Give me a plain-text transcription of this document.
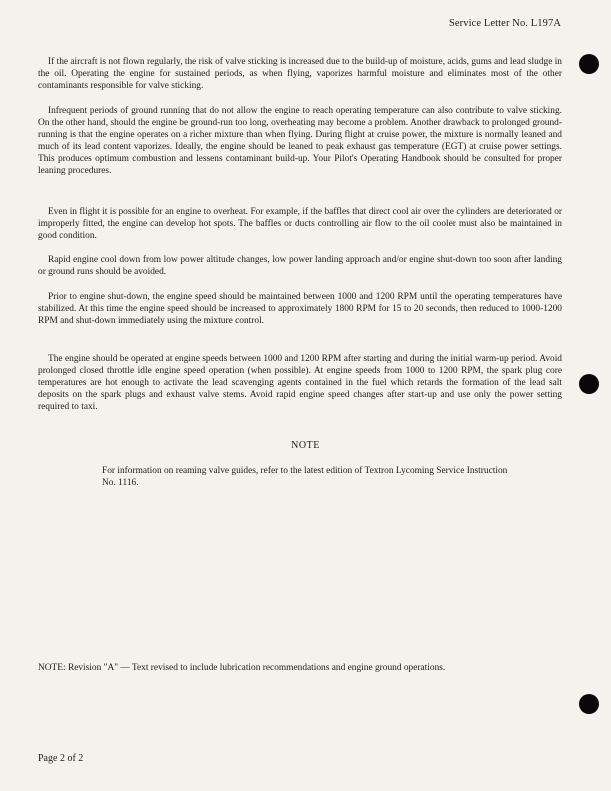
Service Letter No. L197A

If the aircraft is not flown regularly, the risk of valve sticking is increased due to the build-up of moisture, acids, gums and lead sludge in the oil. Operating the engine for sustained periods, as when flying, vaporizes harmful moisture and eliminates most of the other contaminants responsible for valve sticking.

Infrequent periods of ground running that do not allow the engine to reach operating temperature can also contribute to valve sticking. On the other hand, should the engine be ground-run too long, overheating may become a problem. Another drawback to prolonged ground-running is that the engine operates on a richer mixture than when flying. During flight at cruise power, the mixture is normally leaned and much of its lead content vaporizes. Ideally, the engine should be leaned to peak exhaust gas temperature (EGT) at cruise power settings. This produces optimum combustion and lessens contaminant build-up. Your Pilot's Operating Handbook should be consulted for proper leaning procedures.

Even in flight it is possible for an engine to overheat. For example, if the baffles that direct cool air over the cylinders are deteriorated or improperly fitted, the engine can develop hot spots. The baffles or ducts controlling air flow to the oil cooler must also be maintained in good condition.

Rapid engine cool down from low power altitude changes, low power landing approach and/or engine shut-down too soon after landing or ground runs should be avoided.

Prior to engine shut-down, the engine speed should be maintained between 1000 and 1200 RPM until the operating temperatures have stabilized. At this time the engine speed should be increased to approximately 1800 RPM for 15 to 20 seconds, then reduced to 1000-1200 RPM and shut-down immediately using the mixture control.

The engine should be operated at engine speeds between 1000 and 1200 RPM after starting and during the initial warm-up period. Avoid prolonged closed throttle idle engine speed operation (when possible). At engine speeds from 1000 to 1200 RPM, the spark plug core temperatures are hot enough to activate the lead scavenging agents contained in the fuel which retards the formation of the lead salt deposits on the spark plugs and exhaust valve stems. Avoid rapid engine speed changes after start-up and use only the power setting required to taxi.

NOTE

For information on reaming valve guides, refer to the latest edition of Textron Lycoming Service Instruction No. 1116.

NOTE: Revision "A" — Text revised to include lubrication recommendations and engine ground operations.
Page 2 of 2
